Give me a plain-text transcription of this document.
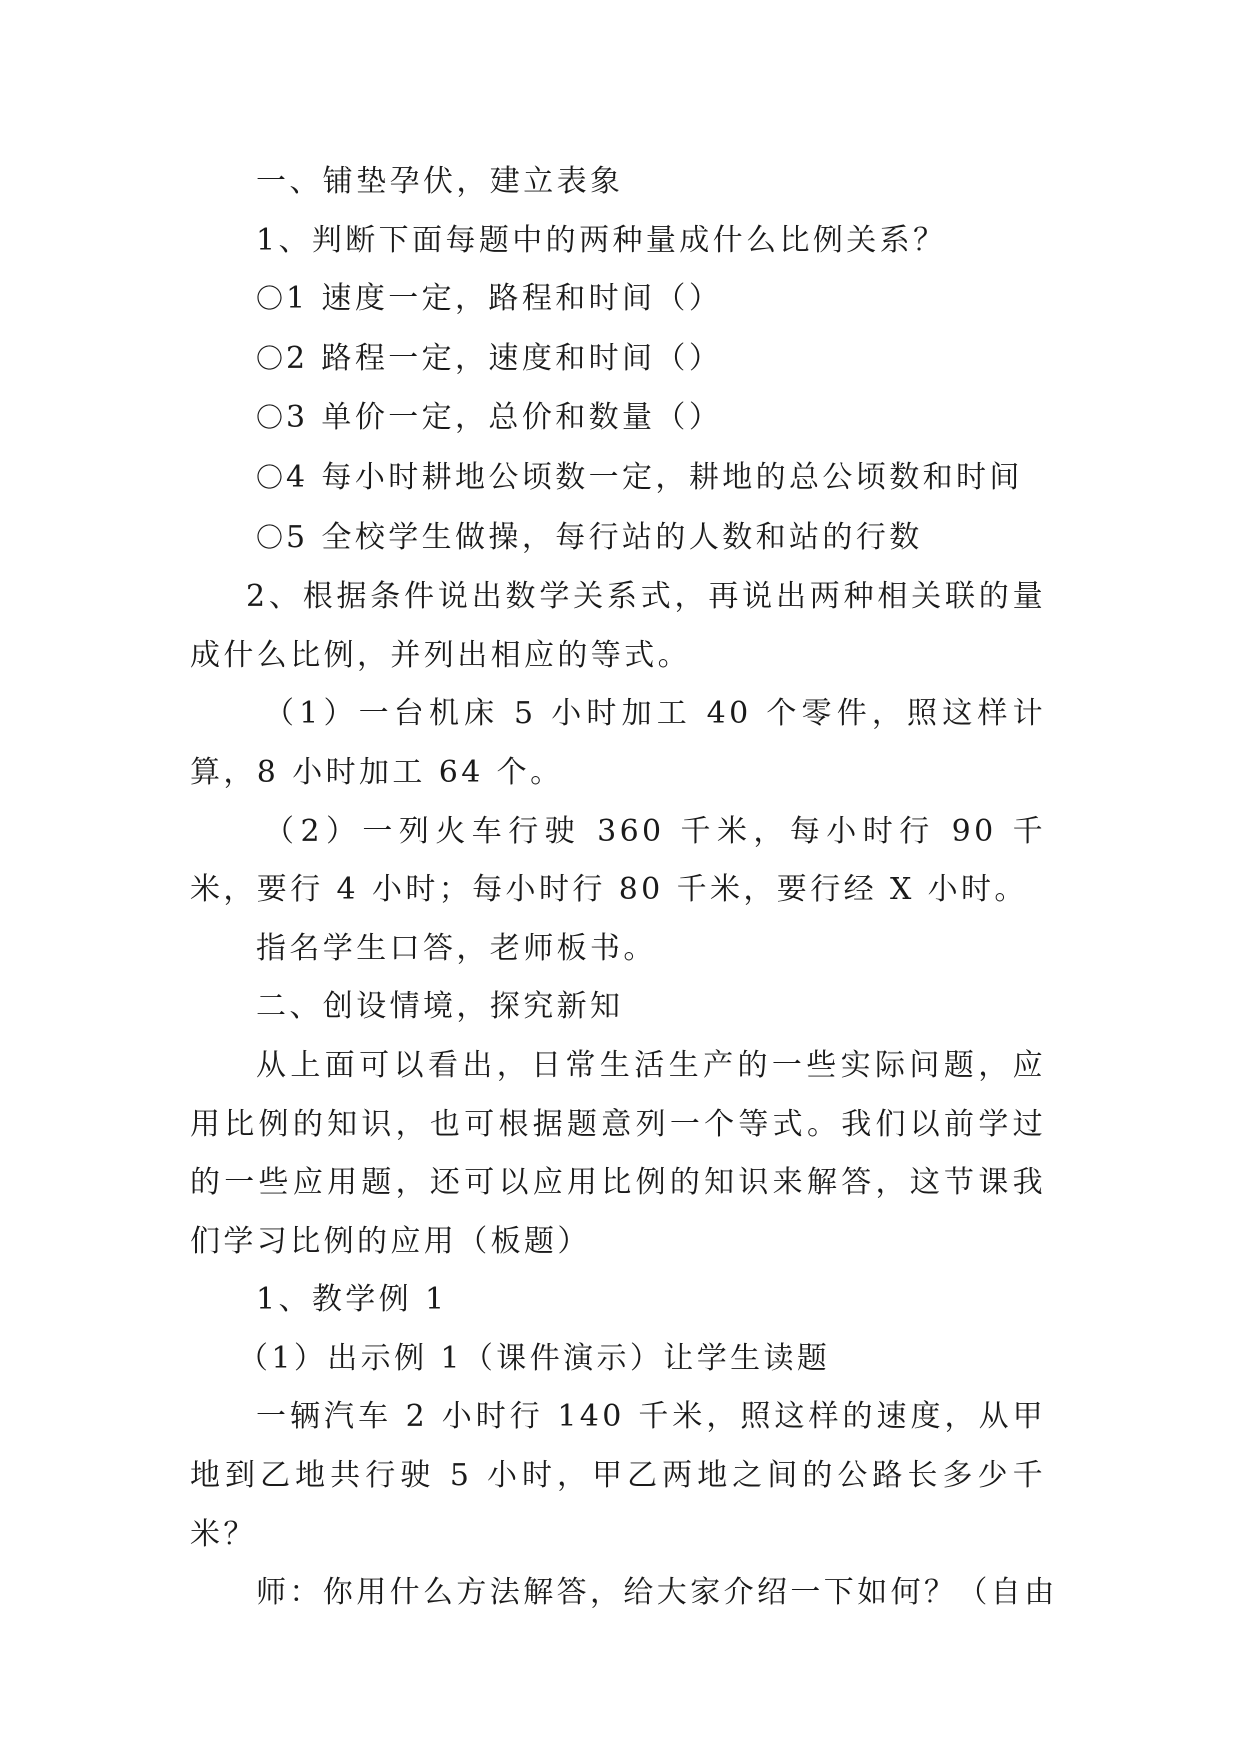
一、铺垫孕伏，建立表象

1、判断下面每题中的两种量成什么比例关系？

〇 1 速度一定，路程和时间（）

〇 2 路程一定，速度和时间（）

〇 3 单价一定，总价和数量（）

〇 4 每小时耕地公顷数一定，耕地的总公顷数和时间

〇 5 全校学生做操，每行站的人数和站的行数

2、根据条件说出数学关系式，再说出两种相关联的量成什么比例，并列出相应的等式。

（1）一台机床 5 小时加工 40 个零件，照这样计算，8 小时加工 64 个。

（2）一列火车行驶 360 千米，每小时行 90 千米，要行 4 小时；每小时行 80 千米，要行经 X 小时。

指名学生口答，老师板书。

二、创设情境，探究新知

从上面可以看出，日常生活生产的一些实际问题，应用比例的知识，也可根据题意列一个等式。我们以前学过的一些应用题，还可以应用比例的知识来解答，这节课我们学习比例的应用（板题）

1、教学例 1

（1）出示例 1（课件演示）让学生读题

一辆汽车 2 小时行 140 千米，照这样的速度，从甲地到乙地共行驶 5 小时，甲乙两地之间的公路长多少千米？

师：你用什么方法解答，给大家介绍一下如何？（自由
